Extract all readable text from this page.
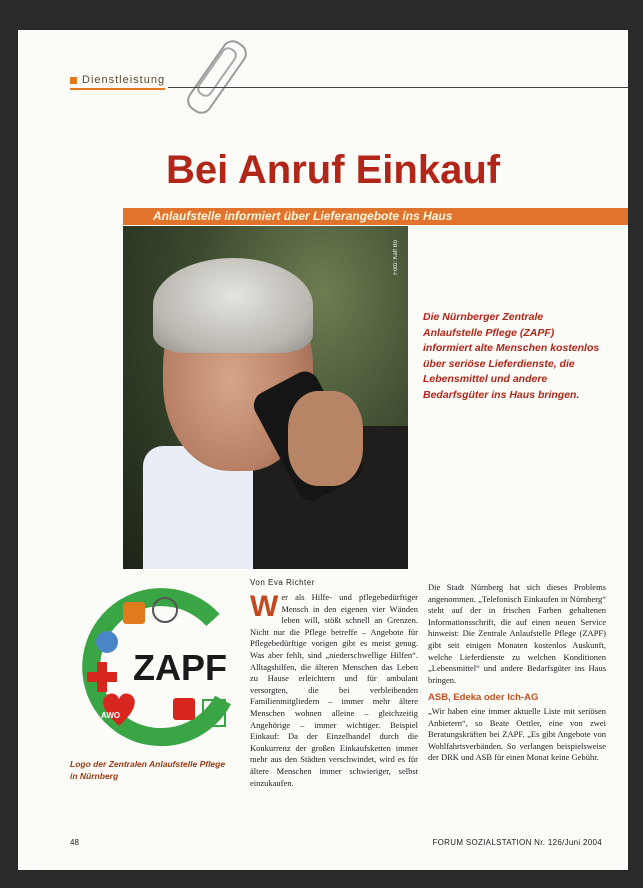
Dienstleistung
Bei Anruf Einkauf
Anlaufstelle informiert über Lieferangebote ins Haus
Foto: Kaff Bo
Die Nürnberger Zentrale Anlaufstelle Pflege (ZAPF) informiert alte Menschen kostenlos über seriöse Lieferdienste, die Lebensmittel und andere Bedarfsgüter ins Haus bringen.
ZAPF
AWO
Logo der Zentralen Anlaufstelle Pflege in Nürnberg
Von Eva Richter
Wer als Hilfe- und pflegebedürftiger Mensch in den eigenen vier Wänden leben will, stößt schnell an Grenzen. Nicht nur die Pflege betreffe – Angebote für Pflegebedürftige vorigen gibt es meist genug. Was aber fehlt, sind „niederschwellige Hilfen“. Alltagshilfen, die älteren Menschen das Leben zu Hause erleichtern und für ambulant versorgten, die bei verbleibenden Familienmitgliedern – immer mehr ältere Menschen wohnen alleine – gleichzeitig Angehörige – immer wichtiger. Beispiel Einkauf: Da der Einzelhandel durch die Konkurrenz der großen Einkaufsketten immer mehr aus den Städten verschwindet, wird es für ältere Menschen immer schwieriger, selbst einzukaufen.
Die Stadt Nürnberg hat sich dieses Problems angenommen. „Telefonisch Einkaufen in Nürnberg“ steht auf der in frischen Farben gehaltenen Informationsschrift, die auf einen neuen Service hinweist: Die Zentrale Anlaufstelle Pflege (ZAPF) gibt seit einigen Monaten kostenlos Auskunft, welche Lieferdienste zu welchen Konditionen „Lebensmittel“ und andere Bedarfsgüter ins Haus bringen.
ASB, Edeka oder Ich-AG
„Wir haben eine immer aktuelle Liste mit seriösen Anbietern“, so Beate Oettler, eine von zwei Beratungskräften bei ZAPF. „Es gibt Angebote von Wohlfahrtsverbänden. So verlangen beispielsweise der DRK und ASB für einen Monat keine Gebühr.
48	FORUM SOZIALSTATION Nr. 126/Juni 2004
